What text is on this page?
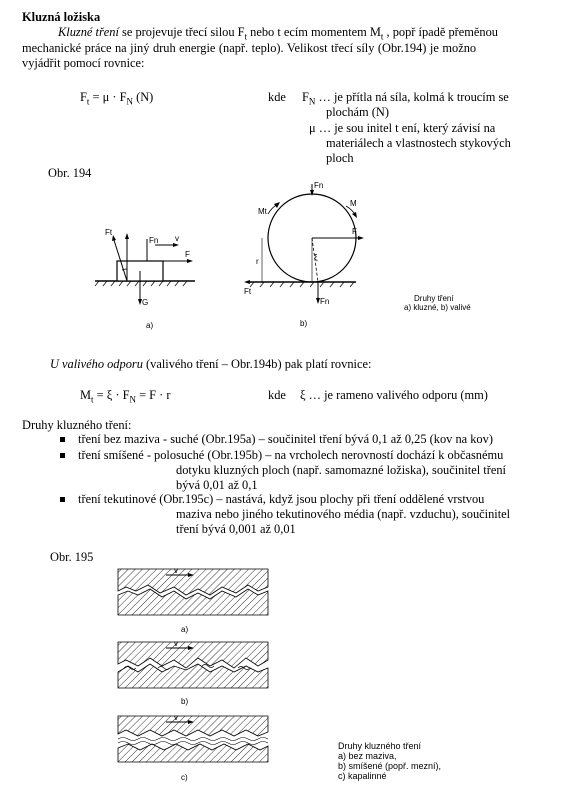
Kluzná ložiska
Kluzné tření se projevuje třecí silou $F_t$ nebo t ecím momentem $M_t$ , popř ípadě přeměnou
mechanické práce na jiný druh energie (např. teplo). Velikost třecí síly (Obr.194) je možno
vyjádřit pomocí rovnice:
$F_t = \mu \cdot F_N$ (N)	kde $F_N$ … je přítla ná síla, kolmá k troucím se
plochám (N)
μ … je sou initel t ení, který závisí na
materiálech a vlastnostech stykových
ploch
Obr. 194
Ft
Fn v
F
G
a)
Fn
Mt
M
F
r	ξ
Ft
Fn
b)
Druhy tření
a) kluzné, b) valivé
U valivého odporu (valivého tření – Obr.194b) pak platí rovnice:
$M_t = \xi \cdot F_N = F \cdot r$	kde ξ … je rameno valivého odporu (mm)
Druhy kluzného tření:
tření bez maziva - suché (Obr.195a) – součinitel tření bývá 0,1 až 0,25 (kov na kov)
tření smíšené - polosuché (Obr.195b) – na vrcholech nerovností dochází k občasnému
dotyku kluzných ploch (např. samomazné ložiska), součinitel tření
bývá 0,01 až 0,1
tření tekutinové (Obr.195c) – nastává, když jsou plochy při tření oddělené vrstvou
maziva nebo jiného tekutinového média (např. vzduchu), součinitel
tření bývá 0,001 až 0,01
Obr. 195
v
a)
v
b)
v
c)
Druhy kluzného tření
a) bez maziva,
b) smíšené (popř. mezní),
c) kapalinné
